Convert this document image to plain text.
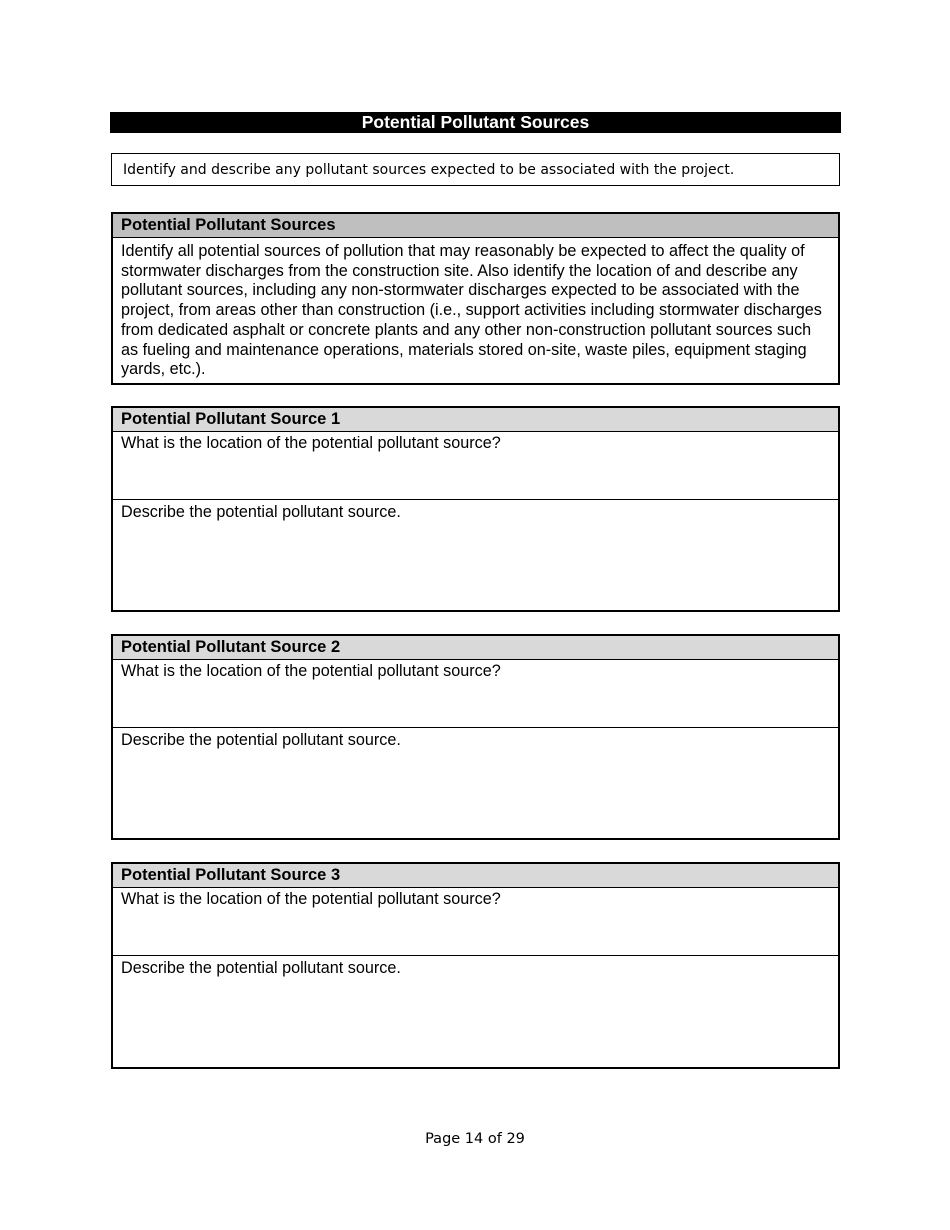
Potential Pollutant Sources
Identify and describe any pollutant sources expected to be associated with the project.
Potential Pollutant Sources
Identify all potential sources of pollution that may reasonably be expected to affect the quality of stormwater discharges from the construction site. Also identify the location of and describe any pollutant sources, including any non-stormwater discharges expected to be associated with the project, from areas other than construction (i.e., support activities including stormwater discharges from dedicated asphalt or concrete plants and any other non-construction pollutant sources such as fueling and maintenance operations, materials stored on-site, waste piles, equipment staging yards, etc.).
Potential Pollutant Source 1
What is the location of the potential pollutant source?
Describe the potential pollutant source.
Potential Pollutant Source 2
What is the location of the potential pollutant source?
Describe the potential pollutant source.
Potential Pollutant Source 3
What is the location of the potential pollutant source?
Describe the potential pollutant source.
Page 14 of 29
